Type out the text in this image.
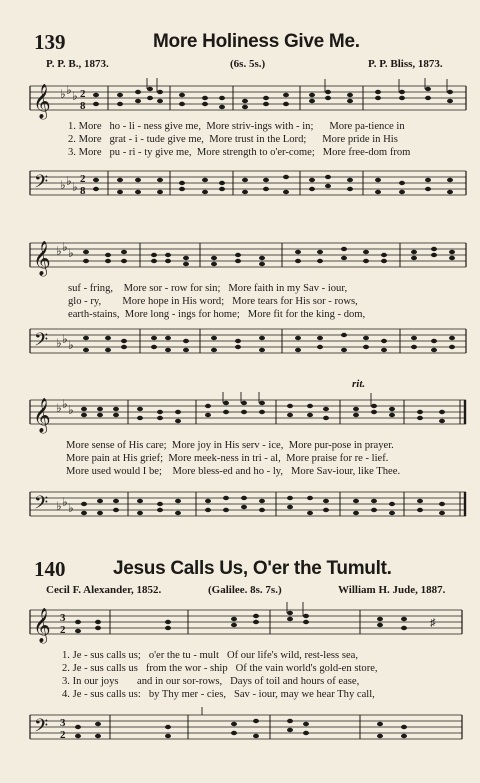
139	More Holiness Give Me.
P. P. B., 1873.	(6s. 5s.)	P. P. Bliss, 1873.
𝄞 ♭ ♭ ♭ 2
8
1. More ho - li - ness give me, More striv-ings with - in; More pa-tience in
2. More grat - i - tude give me, More trust in the Lord; More pride in His
3. More pu - ri - ty give me, More strength to o'er-come; More free-dom from
𝄢 ♭ ♭ ♭
2
8
𝄞 ♭ ♭ ♭
suf - fring, More sor - row for sin; More faith in my Sav - iour,
glo - ry, More hope in His word; More tears for His sor - rows,
earth-stains, More long - ings for home; More fit for the king - dom,
𝄢 ♭ ♭ ♭
rit.
𝄞 ♭ ♭ ♭
More sense of His care; More joy in His serv - ice, More pur-pose in prayer.
More pain at His grief; More meek-ness in tri - al, More praise for re - lief.
More used would I be; More bless-ed and ho - ly, More Sav-iour, like Thee.
𝄢 ♭ ♭ ♭
140	Jesus Calls Us, O'er the Tumult.
Cecil F. Alexander, 1852.	(Galilee. 8s. 7s.)	William H. Jude, 1887.
𝄞 3
2
♯
1. Je - sus calls us; o'er the tu - mult Of our life's wild, rest-less sea,
2. Je - sus calls us from the wor - ship Of the vain world's gold-en store,
3. In our joys and in our sor-rows, Days of toil and hours of ease,
4. Je - sus calls us: by Thy mer - cies, Sav - iour, may we hear Thy call,
𝄢 3
2
